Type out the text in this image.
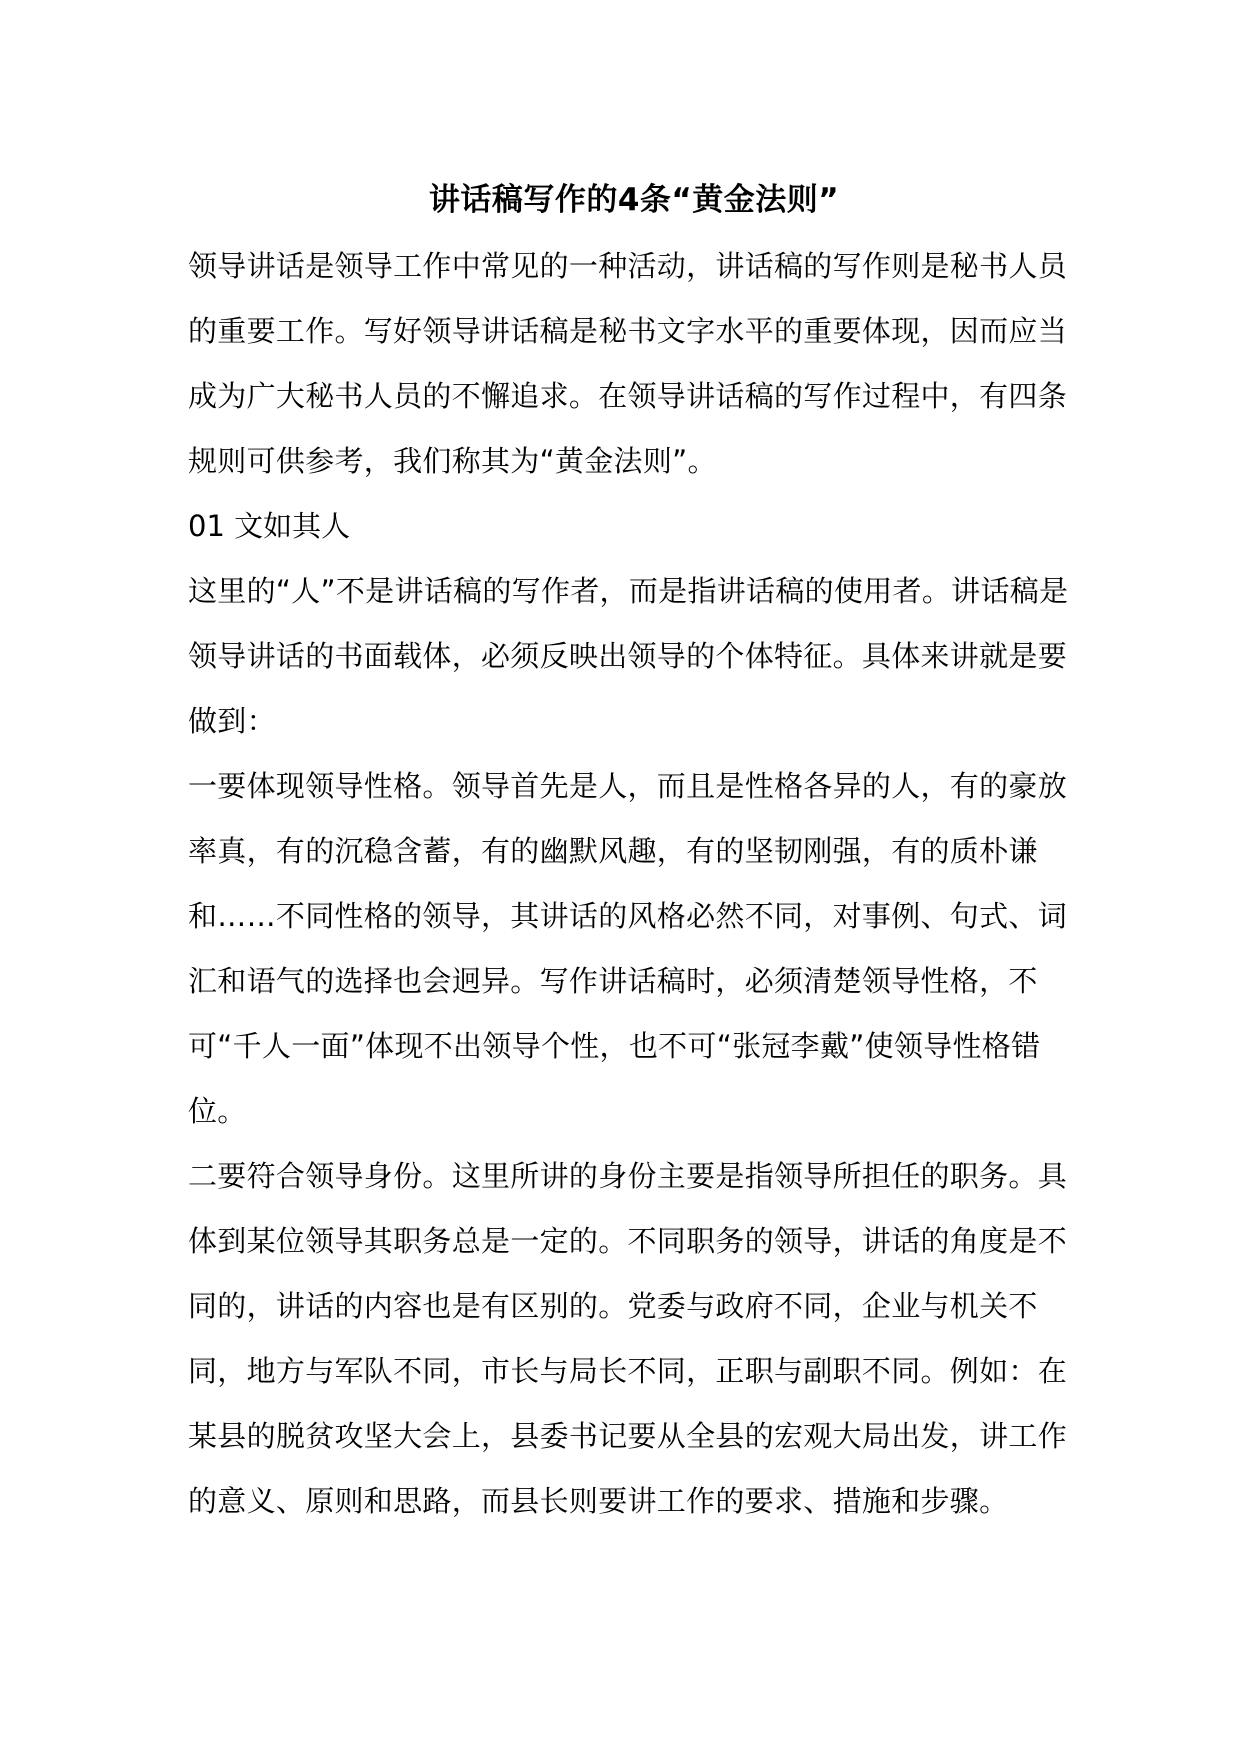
讲话稿写作的4条“黄金法则”

领导讲话是领导工作中常见的一种活动，讲话稿的写作则是秘书人员的重要工作。写好领导讲话稿是秘书文字水平的重要体现，因而应当成为广大秘书人员的不懈追求。在领导讲话稿的写作过程中，有四条规则可供参考，我们称其为“黄金法则”。

01 文如其人

这里的“人”不是讲话稿的写作者，而是指讲话稿的使用者。讲话稿是领导讲话的书面载体，必须反映出领导的个体特征。具体来讲就是要做到：

一要体现领导性格。领导首先是人，而且是性格各异的人，有的豪放率真，有的沉稳含蓄，有的幽默风趣，有的坚韧刚强，有的质朴谦和……不同性格的领导，其讲话的风格必然不同，对事例、句式、词汇和语气的选择也会迥异。写作讲话稿时，必须清楚领导性格，不可“千人一面”体现不出领导个性，也不可“张冠李戴”使领导性格错位。

二要符合领导身份。这里所讲的身份主要是指领导所担任的职务。具体到某位领导其职务总是一定的。不同职务的领导，讲话的角度是不同的，讲话的内容也是有区别的。党委与政府不同，企业与机关不同，地方与军队不同，市长与局长不同，正职与副职不同。例如：在某县的脱贫攻坚大会上，县委书记要从全县的宏观大局出发，讲工作的意义、原则和思路，而县长则要讲工作的要求、措施和步骤。
